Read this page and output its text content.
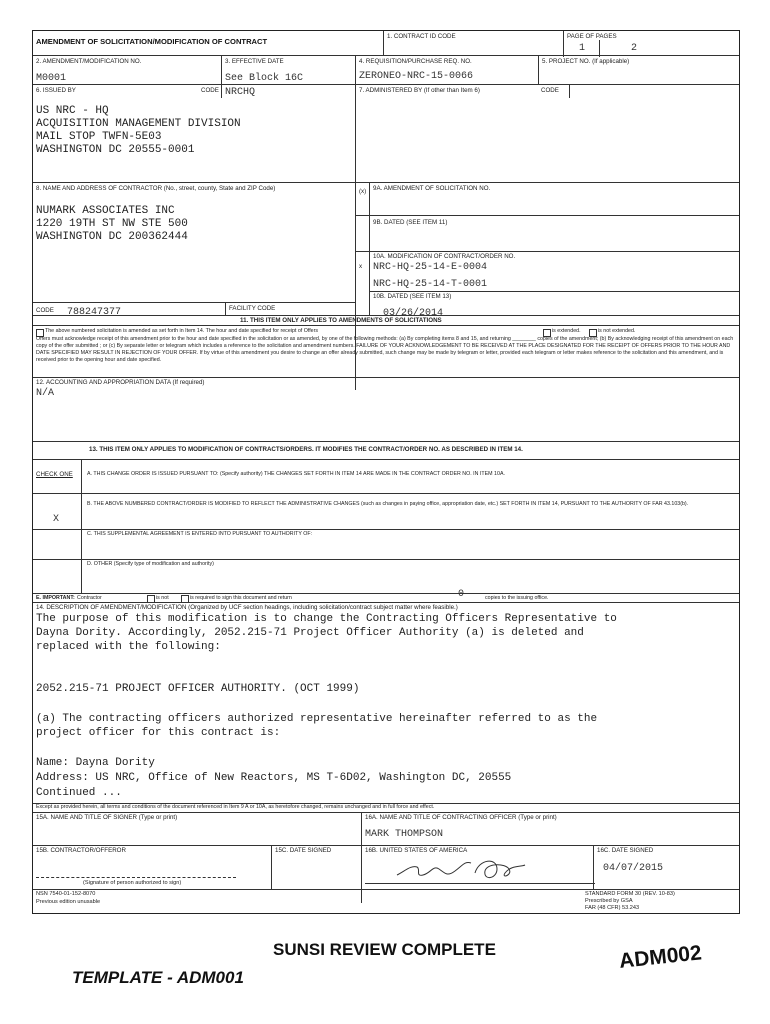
AMENDMENT OF SOLICITATION/MODIFICATION OF CONTRACT
1. CONTRACT ID CODE	PAGE OF PAGES
1	2
2. AMENDMENT/MODIFICATION NO.
M0001
3. EFFECTIVE DATE
See Block 16C
4. REQUISITION/PURCHASE REQ. NO.
ZERONEO-NRC-15-0066
5. PROJECT NO. (If applicable)
6. ISSUED BY	CODE NRCHQ
US NRC - HQ
ACQUISITION MANAGEMENT DIVISION
MAIL STOP TWFN-5E03
WASHINGTON DC 20555-0001
7. ADMINISTERED BY (If other than Item 6)	CODE
8. NAME AND ADDRESS OF CONTRACTOR (No., street, county, State and ZIP Code)
NUMARK ASSOCIATES INC
1220 19TH ST NW STE 500
WASHINGTON DC 200362444
(x) 9A. AMENDMENT OF SOLICITATION NO.
9B. DATED (SEE ITEM 11)
x
10A. MODIFICATION OF CONTRACT/ORDER NO.
NRC-HQ-25-14-E-0004
NRC-HQ-25-14-T-0001
10B. DATED (SEE ITEM 13)
03/26/2014
CODE 788247377	FACILITY CODE
11. THIS ITEM ONLY APPLIES TO AMENDMENTS OF SOLICITATIONS
The above numbered solicitation is amended as set forth in Item 14. The hour and date specified for receipt of Offers	is extended.	is not extended.
Offers must acknowledge receipt of this amendment prior to the hour and date specified in the solicitation or as amended, by one of the following methods: (a) By completing items 8 and 15, and returning ________ copies of the amendment; (b) By acknowledging receipt of this amendment on each copy of the offer submitted ; or (c) By separate letter or telegram which includes a reference to the solicitation and amendment numbers. FAILURE OF YOUR ACKNOWLEDGEMENT TO BE RECEIVED AT THE PLACE DESIGNATED FOR THE RECEIPT OF OFFERS PRIOR TO THE HOUR AND DATE SPECIFIED MAY RESULT IN REJECTION OF YOUR OFFER. If by virtue of this amendment you desire to change an offer already submitted, such change may be made by telegram or letter, provided each telegram or letter makes reference to the solicitation and this amendment, and is received prior to the opening hour and date specified.
12. ACCOUNTING AND APPROPRIATION DATA (If required)
N/A
13. THIS ITEM ONLY APPLIES TO MODIFICATION OF CONTRACTS/ORDERS. IT MODIFIES THE CONTRACT/ORDER NO. AS DESCRIBED IN ITEM 14.
CHECK ONE	A. THIS CHANGE ORDER IS ISSUED PURSUANT TO: (Specify authority) THE CHANGES SET FORTH IN ITEM 14 ARE MADE IN THE CONTRACT ORDER NO. IN ITEM 10A.
B. THE ABOVE NUMBERED CONTRACT/ORDER IS MODIFIED TO REFLECT THE ADMINISTRATIVE CHANGES (such as changes in paying office, appropriation date, etc.) SET FORTH IN ITEM 14, PURSUANT TO THE AUTHORITY OF FAR 43.103(b).
X
C. THIS SUPPLEMENTAL AGREEMENT IS ENTERED INTO PURSUANT TO AUTHORITY OF:
D. OTHER (Specify type of modification and authority)
E. IMPORTANT: Contractor	is not	is required to sign this document and return	0	copies to the issuing office.
14. DESCRIPTION OF AMENDMENT/MODIFICATION (Organized by UCF section headings, including solicitation/contract subject matter where feasible.)
The purpose of this modification is to change the Contracting Officers Representative to
Dayna Dority. Accordingly, 2052.215-71 Project Officer Authority (a) is deleted and
replaced with the following:
2052.215-71 PROJECT OFFICER AUTHORITY. (OCT 1999)
(a) The contracting officers authorized representative hereinafter referred to as the
project officer for this contract is:
Name: Dayna Dority
Address: US NRC, Office of New Reactors, MS T-6D02, Washington DC, 20555
Continued ...
Except as provided herein, all terms and conditions of the document referenced in Item 9 A or 10A, as heretofore changed, remains unchanged and in full force and effect.
15A. NAME AND TITLE OF SIGNER (Type or print)	16A. NAME AND TITLE OF CONTRACTING OFFICER (Type or print)
MARK THOMPSON
15B. CONTRACTOR/OFFEROR
(Signature of person authorized to sign)
15C. DATE SIGNED	16B. UNITED STATES OF AMERICA	16C. DATE SIGNED
04/07/2015
NSN 7540-01-152-8070
Previous edition unusable
STANDARD FORM 30 (REV. 10-83)
Prescribed by GSA
FAR (48 CFR) 53.243
SUNSI REVIEW COMPLETE
TEMPLATE - ADM001
ADM002
